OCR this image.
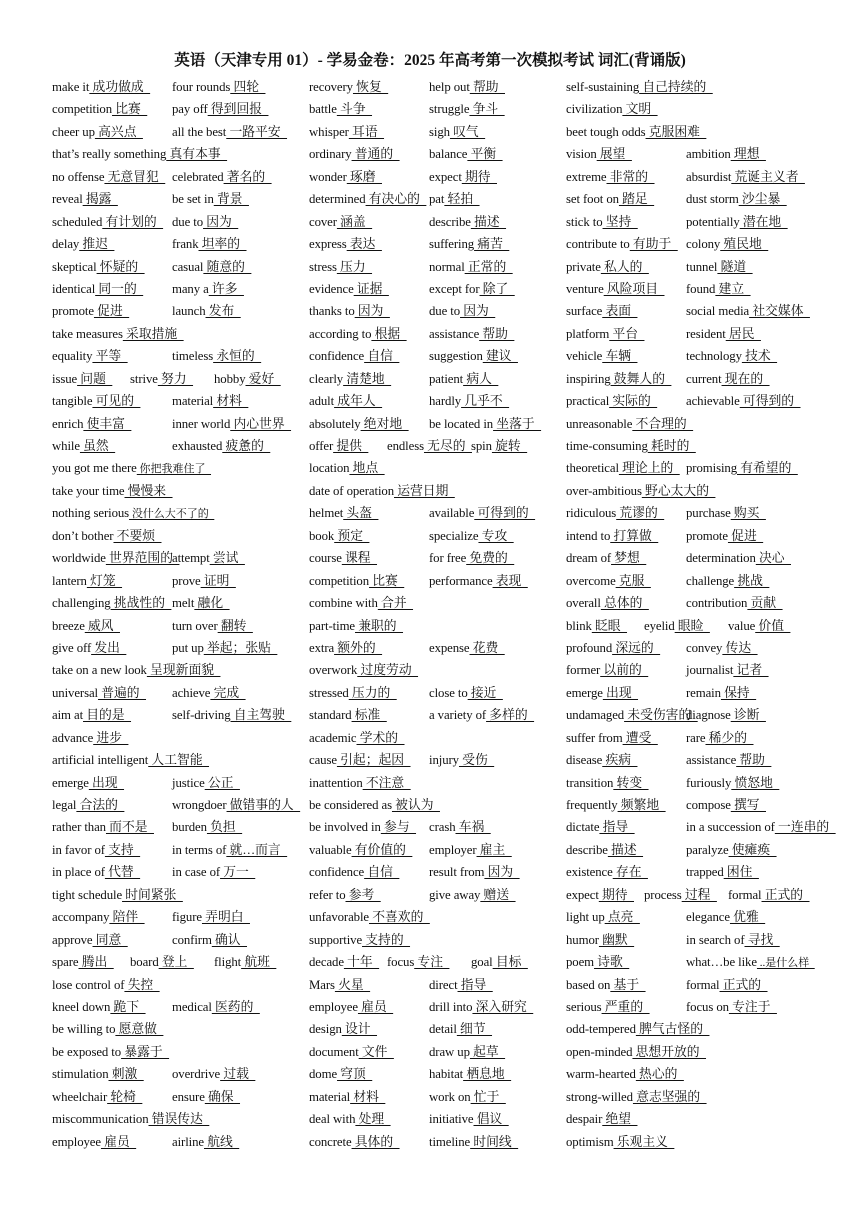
英语（天津专用 01）- 学易金卷：2025 年高考第一次模拟考试 词汇(背诵版)
make it 成功做成  four rounds 四轮
competition 比赛  pay off 得到回报
cheer up 高兴点  all the best 一路平安
that’s really something 真有本事
no offense 无意冒犯  celebrated 著名的
reveal 揭露	be set in 背景
scheduled 有计划的  due to 因为
delay 推迟	frank 坦率的
skeptical 怀疑的  casual 随意的
identical 同一的  many a 许多
promote 促进	launch 发布
take measures 采取措施
equality 平等	timeless 永恒的
issue 问题  strive 努力  hobby 爱好
tangible 可见的  material 材料
enrich 使丰富	inner world 内心世界
while 虽然	exhausted 疲惫的
you got me there 你把我难住了
take your time 慢慢来
nothing serious 没什么大不了的
don’t bother 不要烦
worldwide 世界范围的  attempt 尝试
lantern 灯笼	prove 证明
challenging 挑战性的  melt 融化
breeze 威风	turn over 翻转
give off 发出	put up 举起；张贴
take on a new look 呈现新面貌
universal 普遍的  achieve 完成
aim at 目的是	self-driving 自主驾驶
advance 进步
artificial intelligent 人工智能
emerge 出现	justice 公正
legal 合法的	wrongdoer 做错事的人
rather than 而不是  burden 负担
in favor of 支持  in terms of 就…而言
in place of 代替  in case of 万一
tight schedule 时间紧张
accompany 陪伴  figure 弄明白
approve 同意	confirm 确认
spare 腾出  board 登上  flight 航班
lose control of 失控
kneel down 跪下  medical 医药的
be willing to 愿意做
be exposed to 暴露于
stimulation 刺激  overdrive 过载
wheelchair 轮椅  ensure 确保
miscommunication 错误传达
employee 雇员	airline 航线
recovery 恢复	help out 帮助
battle 斗争	struggle 争斗
whisper 耳语	sigh 叹气
ordinary 普通的  balance 平衡
wonder 琢磨	expect 期待
determined 有决心的  pat 轻拍
cover 涵盖	describe 描述
express 表达	suffering 痛苦
stress 压力	normal 正常的
evidence 证据	except for 除了
thanks to 因为	due to 因为
according to 根据  assistance 帮助
confidence 自信  suggestion 建议
clearly 清楚地	patient 病人
adult 成年人	hardly 几乎不
absolutely 绝对地  be located in 坐落于
offer 提供  endless 无尽的  spin 旋转
location 地点
date of operation 运营日期
helmet 头盔	available 可得到的
book 预定	specialize 专攻
course 课程	for free 免费的
competition 比赛  performance 表现
combine with 合并
part-time 兼职的
extra 额外的	expense 花费
overwork 过度劳动
stressed 压力的	close to 接近
standard 标准	a variety of 多样的
academic 学术的
cause 引起；起因  injury 受伤
inattention 不注意
be considered as 被认为
be involved in 参与  crash 车祸
valuable 有价值的  employer 雇主
confidence 自信  result from 因为
refer to 参考	give away 赠送
unfavorable 不喜欢的
supportive 支持的
decade 十年  focus 专注  goal 目标
Mars 火星	direct 指导
employee 雇员	drill into 深入研究
design 设计	detail 细节
document 文件	draw up 起草
dome 穹顶	habitat 栖息地
material 材料	work on 忙于
deal with 处理	initiative 倡议
concrete 具体的  timeline 时间线
self-sustaining 自己持续的
civilization 文明
beet tough odds 克服困难
vision 展望	ambition 理想
extreme 非常的  absurdist 荒诞主义者
set foot on 踏足  dust storm 沙尘暴
stick to 坚持	potentially 潜在地
contribute to 有助于  colony 殖民地
private 私人的	tunnel 隧道
venture 风险项目  found 建立
surface 表面	social media 社交媒体
platform 平台	resident 居民
vehicle 车辆	technology 技术
inspiring 鼓舞人的  current 现在的
practical 实际的  achievable 可得到的
unreasonable 不合理的
time-consuming 耗时的
theoretical 理论上的  promising 有希望的
over-ambitious 野心太大的
ridiculous 荒谬的  purchase 购买
intend to 打算做  promote 促进
dream of 梦想	determination 决心
overcome 克服	challenge 挑战
overall 总体的	contribution 贡献
blink 眨眼  eyelid 眼睑  value 价值
profound 深远的  convey 传达
former 以前的	journalist 记者
emerge 出现	remain 保持
undamaged 未受伤害的  diagnose 诊断
suffer from 遭受  rare 稀少的
disease 疾病	assistance 帮助
transition 转变	furiously 愤怒地
frequently 频繁地  compose 撰写
dictate 指导	in a succession of 一连串的
describe 描述	paralyze 使瘫痪
existence 存在	trapped 困住
expect 期待  process 过程  formal 正式的
light up 点亮	elegance 优雅
humor 幽默	in search of 寻找
poem 诗歌	what…be like ..是什么样
based on 基于	formal 正式的
serious 严重的	focus on 专注于
odd-tempered 脾气古怪的
open-minded 思想开放的
warm-hearted 热心的
strong-willed 意志坚强的
despair 绝望
optimism 乐观主义
